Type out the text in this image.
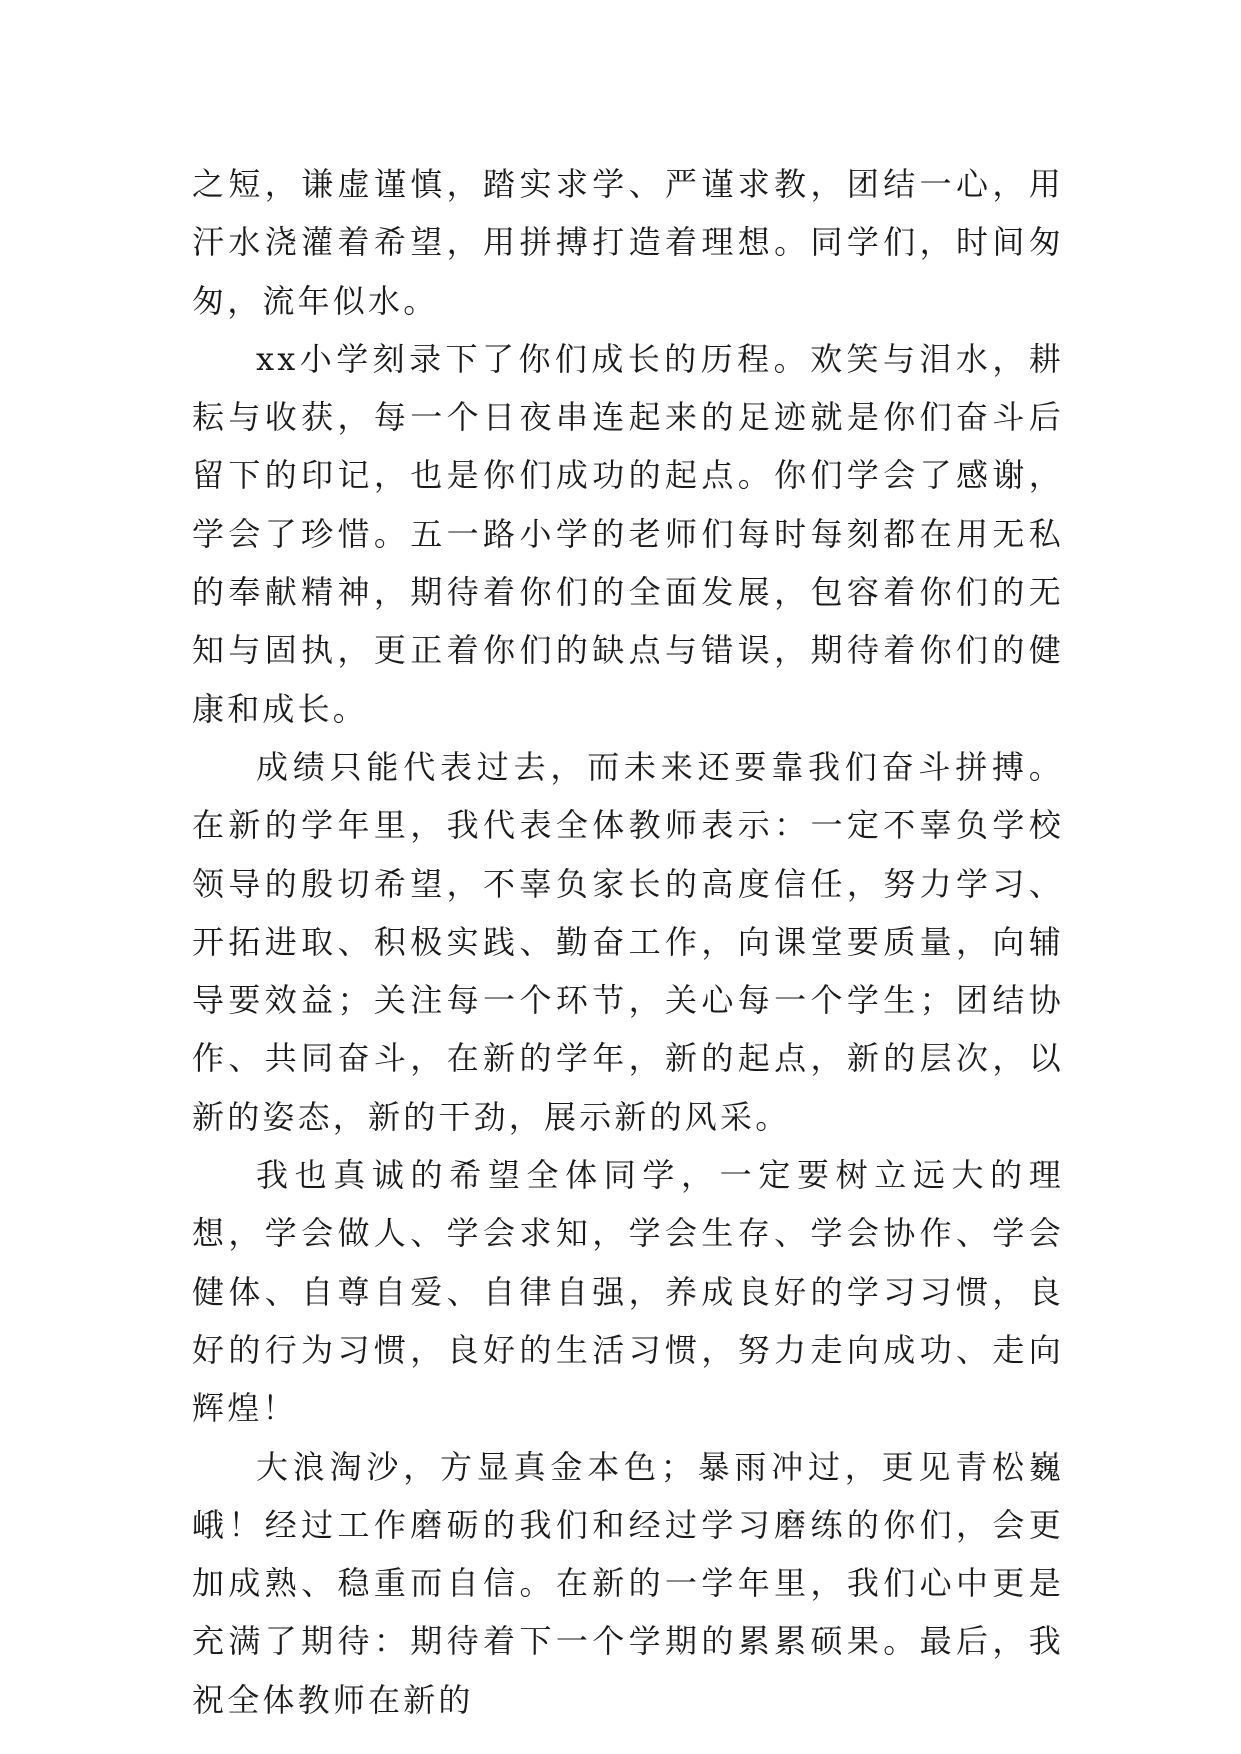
之短，谦虚谨慎，踏实求学、严谨求教，团结一心，用汗水浇灌着希望，用拼搏打造着理想。同学们，时间匆匆，流年似水。

xx小学刻录下了你们成长的历程。欢笑与泪水，耕耘与收获，每一个日夜串连起来的足迹就是你们奋斗后留下的印记，也是你们成功的起点。你们学会了感谢，学会了珍惜。五一路小学的老师们每时每刻都在用无私的奉献精神，期待着你们的全面发展，包容着你们的无知与固执，更正着你们的缺点与错误，期待着你们的健康和成长。

成绩只能代表过去，而未来还要靠我们奋斗拼搏。在新的学年里，我代表全体教师表示：一定不辜负学校领导的殷切希望，不辜负家长的高度信任，努力学习、开拓进取、积极实践、勤奋工作，向课堂要质量，向辅导要效益；关注每一个环节，关心每一个学生；团结协作、共同奋斗，在新的学年，新的起点，新的层次，以新的姿态，新的干劲，展示新的风采。

我也真诚的希望全体同学，一定要树立远大的理想，学会做人、学会求知，学会生存、学会协作、学会健体、自尊自爱、自律自强，养成良好的学习习惯，良好的行为习惯，良好的生活习惯，努力走向成功、走向辉煌！

大浪淘沙，方显真金本色；暴雨冲过，更见青松巍峨！经过工作磨砺的我们和经过学习磨练的你们，会更加成熟、稳重而自信。在新的一学年里，我们心中更是充满了期待：期待着下一个学期的累累硕果。最后，我祝全体教师在新的
